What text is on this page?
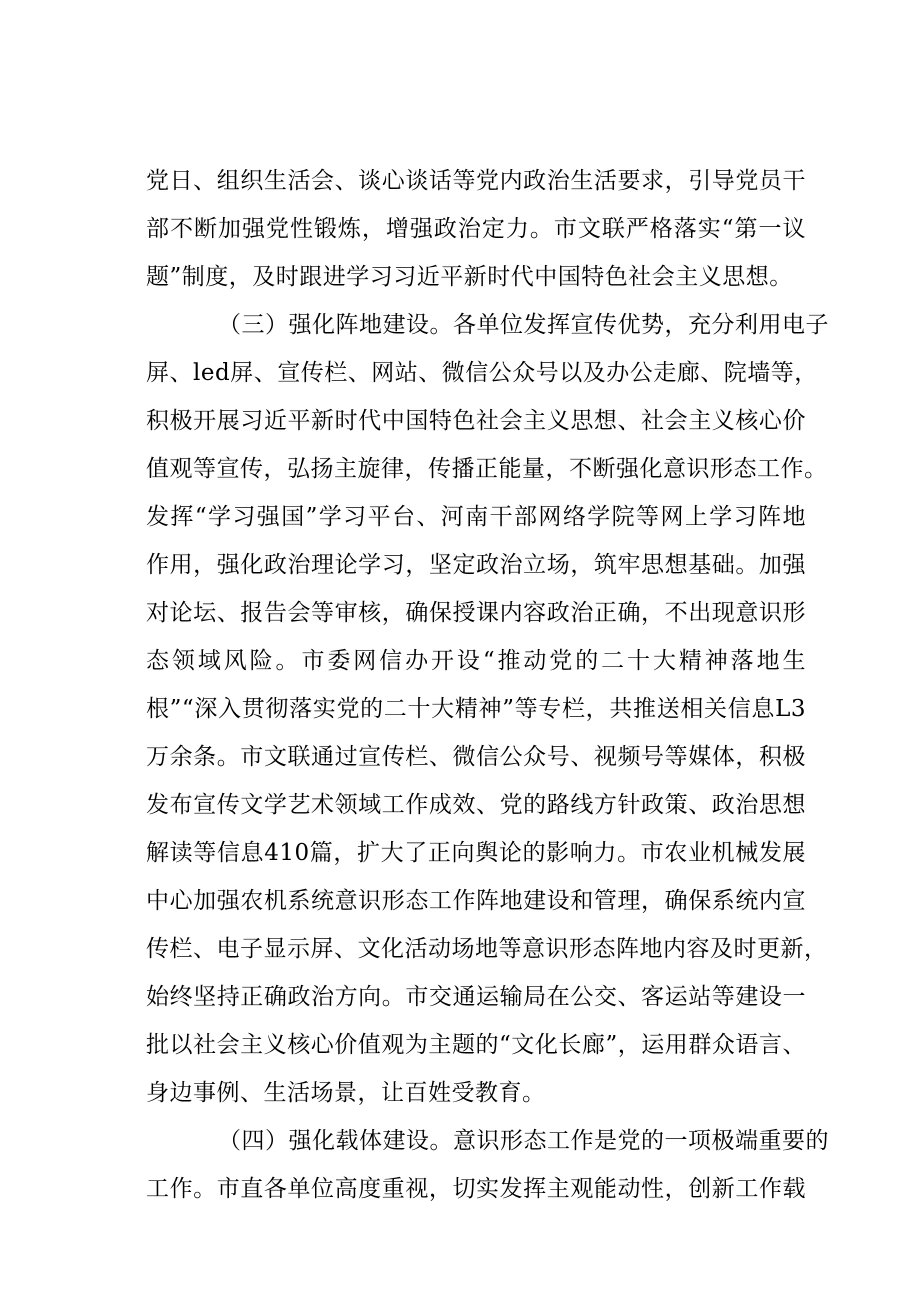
党日、组织生活会、谈心谈话等党内政治生活要求，引导党员干
部不断加强党性锻炼，增强政治定力。市文联严格落实“第一议
题”制度，及时跟进学习习近平新时代中国特色社会主义思想。
（三）强化阵地建设。各单位发挥宣传优势，充分利用电子
屏、led屏、宣传栏、网站、微信公众号以及办公走廊、院墙等，
积极开展习近平新时代中国特色社会主义思想、社会主义核心价
值观等宣传，弘扬主旋律，传播正能量，不断强化意识形态工作。
发挥“学习强国”学习平台、河南干部网络学院等网上学习阵地
作用，强化政治理论学习，坚定政治立场，筑牢思想基础。加强
对论坛、报告会等审核，确保授课内容政治正确，不出现意识形
态领域风险。市委网信办开设“推动党的二十大精神落地生
根”“深入贯彻落实党的二十大精神”等专栏，共推送相关信息L3
万余条。市文联通过宣传栏、微信公众号、视频号等媒体，积极
发布宣传文学艺术领域工作成效、党的路线方针政策、政治思想
解读等信息410篇，扩大了正向舆论的影响力。市农业机械发展
中心加强农机系统意识形态工作阵地建设和管理，确保系统内宣
传栏、电子显示屏、文化活动场地等意识形态阵地内容及时更新，
始终坚持正确政治方向。市交通运输局在公交、客运站等建设一
批以社会主义核心价值观为主题的“文化长廊”，运用群众语言、
身边事例、生活场景，让百姓受教育。
（四）强化载体建设。意识形态工作是党的一项极端重要的
工作。市直各单位高度重视，切实发挥主观能动性，创新工作载
